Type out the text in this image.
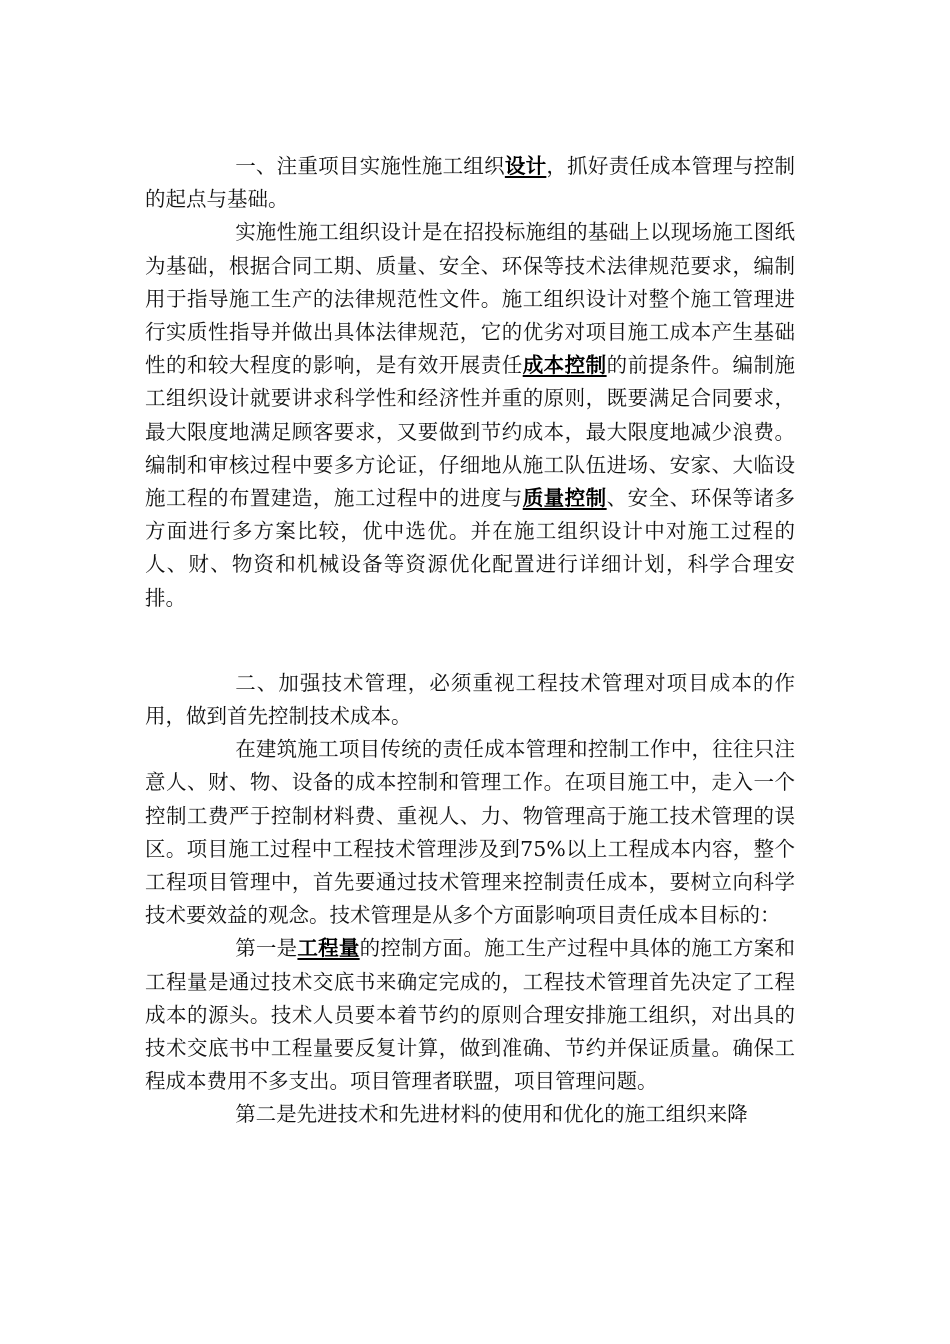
一、注重项目实施性施工组织设计，抓好责任成本管理与控制的起点与基础。

实施性施工组织设计是在招投标施组的基础上以现场施工图纸为基础，根据合同工期、质量、安全、环保等技术法律规范要求，编制用于指导施工生产的法律规范性文件。施工组织设计对整个施工管理进行实质性指导并做出具体法律规范，它的优劣对项目施工成本产生基础性的和较大程度的影响，是有效开展责任成本控制的前提条件。编制施工组织设计就要讲求科学性和经济性并重的原则，既要满足合同要求，最大限度地满足顾客要求，又要做到节约成本，最大限度地减少浪费。编制和审核过程中要多方论证，仔细地从施工队伍进场、安家、大临设施工程的布置建造，施工过程中的进度与质量控制、安全、环保等诸多方面进行多方案比较，优中选优。并在施工组织设计中对施工过程的人、财、物资和机械设备等资源优化配置进行详细计划，科学合理安排。

二、加强技术管理，必须重视工程技术管理对项目成本的作用，做到首先控制技术成本。

在建筑施工项目传统的责任成本管理和控制工作中，往往只注意人、财、物、设备的成本控制和管理工作。在项目施工中，走入一个控制工费严于控制材料费、重视人、力、物管理高于施工技术管理的误区。项目施工过程中工程技术管理涉及到75%以上工程成本内容，整个工程项目管理中，首先要通过技术管理来控制责任成本，要树立向科学技术要效益的观念。技术管理是从多个方面影响项目责任成本目标的：

第一是工程量的控制方面。施工生产过程中具体的施工方案和工程量是通过技术交底书来确定完成的，工程技术管理首先决定了工程成本的源头。技术人员要本着节约的原则合理安排施工组织，对出具的技术交底书中工程量要反复计算，做到准确、节约并保证质量。确保工程成本费用不多支出。项目管理者联盟，项目管理问题。

第二是先进技术和先进材料的使用和优化的施工组织来降
